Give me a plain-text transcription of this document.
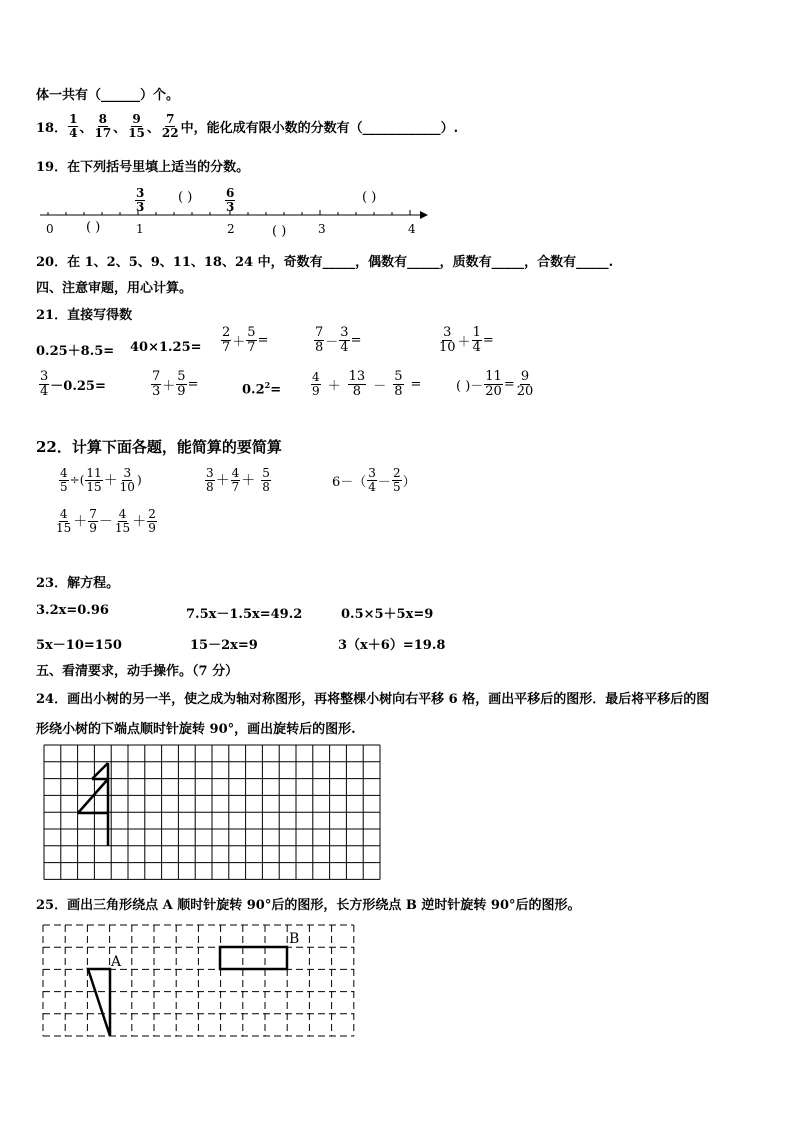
体一共有（______）个。
18． $\frac{1}{4}$ 、 $\frac{8}{17}$ 、 $\frac{9}{15}$ 、 $\frac{7}{22}$ 中，能化成有限小数的分数有（____________）.
19．在下列括号里填上适当的分数。
$\frac{3}{3}$	( )	$\frac{6}{3}$	( )
0	1	2	3	4
( )	( )
20．在 1、2、5、9、11、18、24 中，奇数有_____，偶数有_____，质数有_____，合数有_____.
四、注意审题，用心计算。
21．直接写得数
$0.25+8.5= 40\times 1.25= \frac{2}{7} + \frac{5}{7}$ =	$\frac{7}{8} - \frac{3}{4}$ =	$\frac{3}{10} + \frac{1}{4}$ =
$\frac{3}{4} -0.25=$	$\frac{7}{3} + \frac{5}{9}$ =	$0.2^2= \frac{4}{9} + \frac{13}{8} - \frac{5}{8}$ =	( )－ $\frac{11}{20} = \frac{9}{20}$
22．计算下面各题，能简算的要简算
$\frac{4}{5}$ ÷( $\frac{11}{15} + \frac{3}{10}$ )	$\frac{3}{8} + \frac{4}{7} + \frac{5}{8}$	$6-( \frac{3}{4} - \frac{2}{5}$ ）
$\frac{4}{15} + \frac{7}{9} - \frac{4}{15} + \frac{2}{9}$
23．解方程。
3.2x=0.96	7.5x－1.5x=49.2	0.5×5＋5x=9
5x－10=150	15－2x=9	3（x＋6）=19.8
五、看清要求，动手操作。（7 分）
24．画出小树的另一半，使之成为轴对称图形，再将整棵小树向右平移 6 格，画出平移后的图形．最后将平移后的图
形绕小树的下端点顺时针旋转 90°，画出旋转后的图形.
25．画出三角形绕点 A 顺时针旋转 90°后的图形，长方形绕点 B 逆时针旋转 90°后的图形。
A
B
